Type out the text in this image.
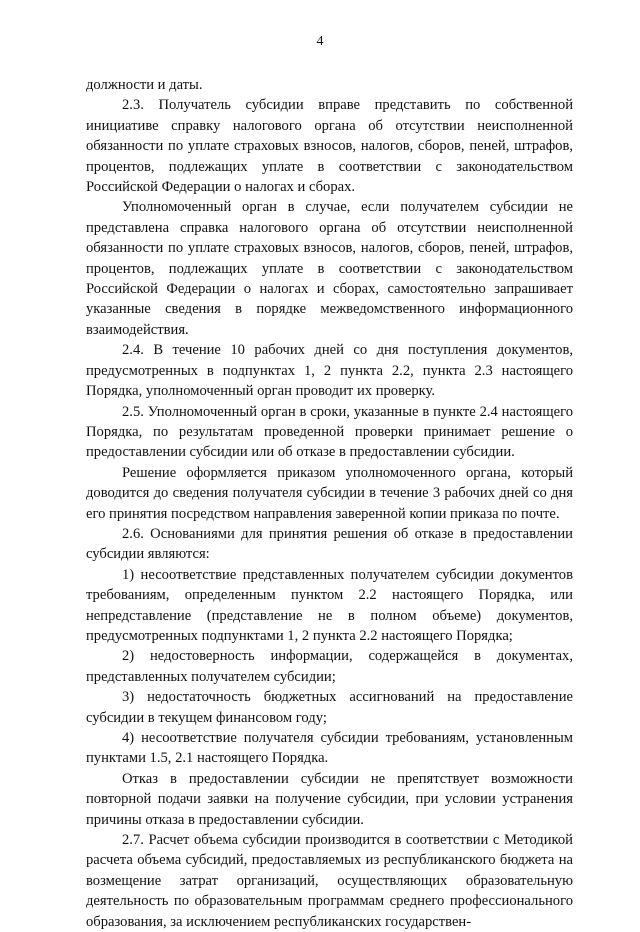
4

должности и даты.

2.3. Получатель субсидии вправе представить по собственной инициативе справку налогового органа об отсутствии неисполненной обязанности по уплате страховых взносов, налогов, сборов, пеней, штрафов, процентов, подлежащих уплате в соответствии с законодательством Российской Федерации о налогах и сборах.

Уполномоченный орган в случае, если получателем субсидии не представлена справка налогового органа об отсутствии неисполненной обязанности по уплате страховых взносов, налогов, сборов, пеней, штрафов, процентов, подлежащих уплате в соответствии с законодательством Российской Федерации о налогах и сборах, самостоятельно запрашивает указанные сведения в порядке межведомственного информационного взаимодействия.

2.4. В течение 10 рабочих дней со дня поступления документов, предусмотренных в подпунктах 1, 2 пункта 2.2, пункта 2.3 настоящего Порядка, уполномоченный орган проводит их проверку.

2.5. Уполномоченный орган в сроки, указанные в пункте 2.4 настоящего Порядка, по результатам проведенной проверки принимает решение о предоставлении субсидии или об отказе в предоставлении субсидии.

Решение оформляется приказом уполномоченного органа, который доводится до сведения получателя субсидии в течение 3 рабочих дней со дня его принятия посредством направления заверенной копии приказа по почте.

2.6. Основаниями для принятия решения об отказе в предоставлении субсидии являются:

1) несоответствие представленных получателем субсидии документов требованиям, определенным пунктом 2.2 настоящего Порядка, или непредставление (представление не в полном объеме) документов, предусмотренных подпунктами 1, 2 пункта 2.2 настоящего Порядка;

2) недостоверность информации, содержащейся в документах, представленных получателем субсидии;

3) недостаточность бюджетных ассигнований на предоставление субсидии в текущем финансовом году;

4) несоответствие получателя субсидии требованиям, установленным пунктами 1.5, 2.1 настоящего Порядка.

Отказ в предоставлении субсидии не препятствует возможности повторной подачи заявки на получение субсидии, при условии устранения причины отказа в предоставлении субсидии.

2.7. Расчет объема субсидии производится в соответствии с Методикой расчета объема субсидий, предоставляемых из республиканского бюджета на возмещение затрат организаций, осуществляющих образовательную деятельность по образовательным программам среднего профессионального образования, за исключением республиканских государствен-
